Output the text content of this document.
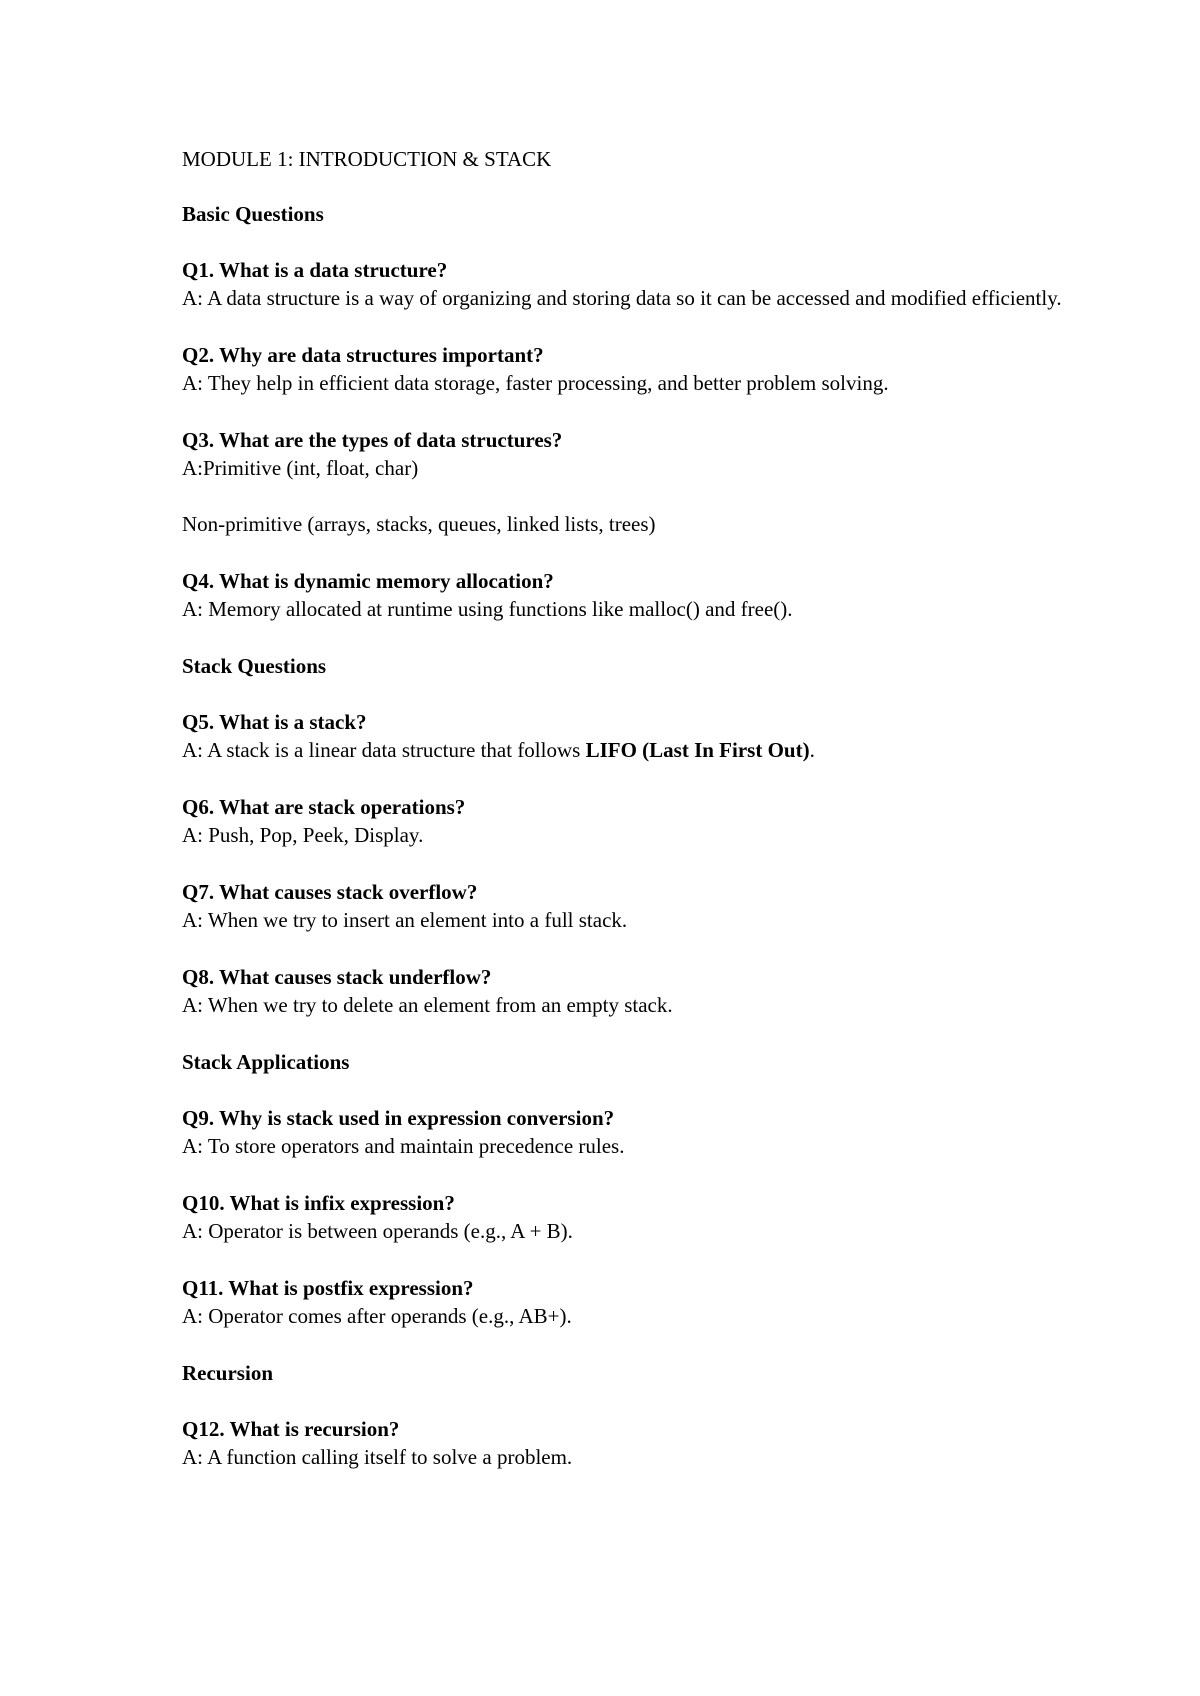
MODULE 1: INTRODUCTION & STACK

Basic Questions

Q1. What is a data structure?

A: A data structure is a way of organizing and storing data so it can be accessed and modified efficiently.

Q2. Why are data structures important?

A: They help in efficient data storage, faster processing, and better problem solving.

Q3. What are the types of data structures?

A:Primitive (int, float, char)

Non-primitive (arrays, stacks, queues, linked lists, trees)

Q4. What is dynamic memory allocation?

A: Memory allocated at runtime using functions like malloc() and free().

Stack Questions

Q5. What is a stack?

A: A stack is a linear data structure that follows LIFO (Last In First Out).

Q6. What are stack operations?

A: Push, Pop, Peek, Display.

Q7. What causes stack overflow?

A: When we try to insert an element into a full stack.

Q8. What causes stack underflow?

A: When we try to delete an element from an empty stack.

Stack Applications

Q9. Why is stack used in expression conversion?

A: To store operators and maintain precedence rules.

Q10. What is infix expression?

A: Operator is between operands (e.g., A + B).

Q11. What is postfix expression?

A: Operator comes after operands (e.g., AB+).

Recursion

Q12. What is recursion?

A: A function calling itself to solve a problem.
